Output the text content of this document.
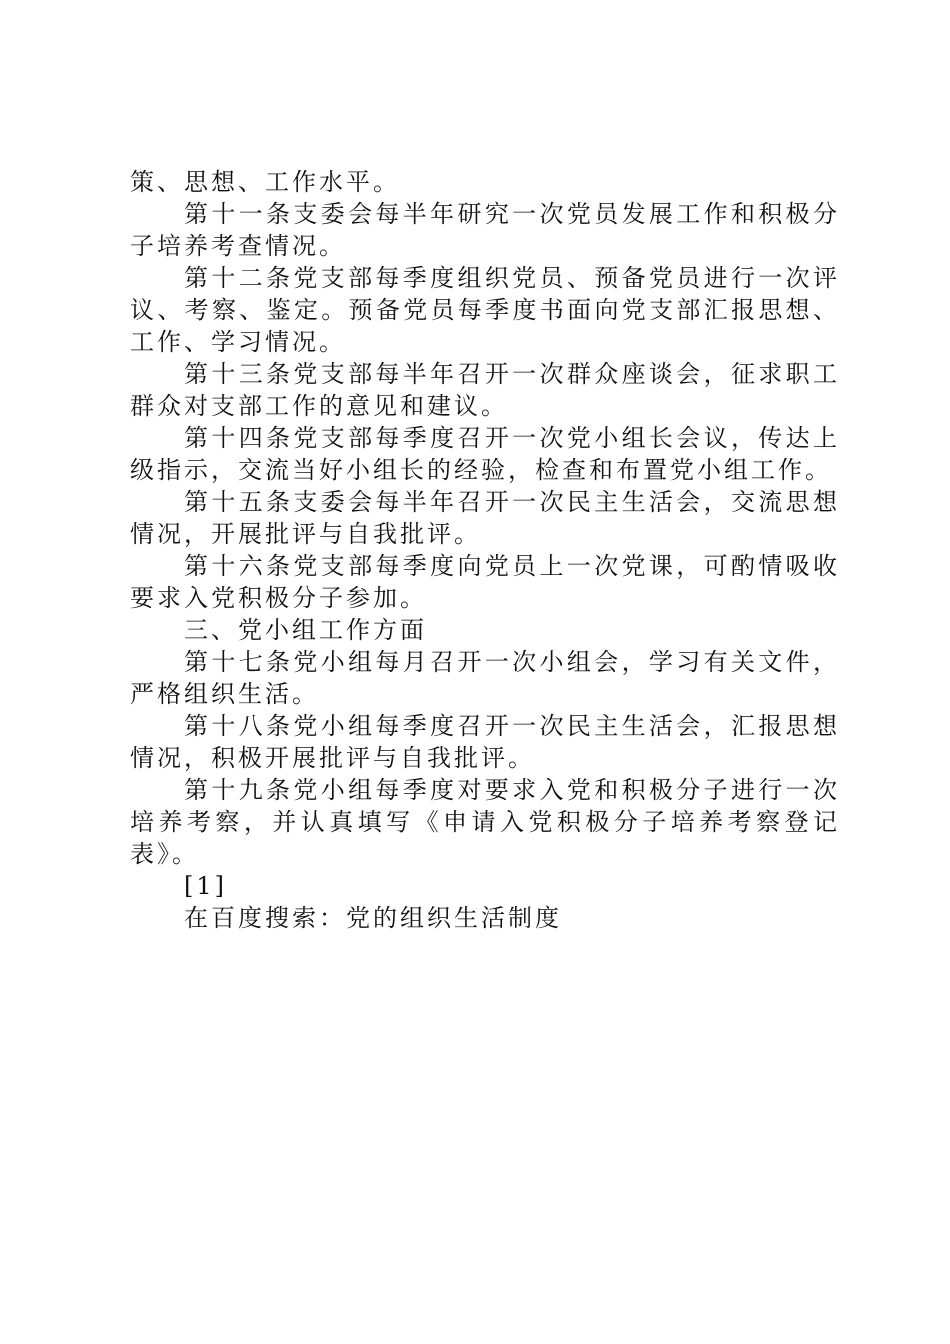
策、思想、工作水平。

第十一条支委会每半年研究一次党员发展工作和积极分子培养考查情况。

第十二条党支部每季度组织党员、预备党员进行一次评议、考察、鉴定。预备党员每季度书面向党支部汇报思想、工作、学习情况。

第十三条党支部每半年召开一次群众座谈会，征求职工群众对支部工作的意见和建议。

第十四条党支部每季度召开一次党小组长会议，传达上级指示，交流当好小组长的经验，检查和布置党小组工作。

第十五条支委会每半年召开一次民主生活会，交流思想情况，开展批评与自我批评。

第十六条党支部每季度向党员上一次党课，可酌情吸收要求入党积极分子参加。

三、党小组工作方面

第十七条党小组每月召开一次小组会，学习有关文件，严格组织生活。

第十八条党小组每季度召开一次民主生活会，汇报思想情况，积极开展批评与自我批评。

第十九条党小组每季度对要求入党和积极分子进行一次培养考察，并认真填写《申请入党积极分子培养考察登记表》。

[1]

在百度搜索：党的组织生活制度
